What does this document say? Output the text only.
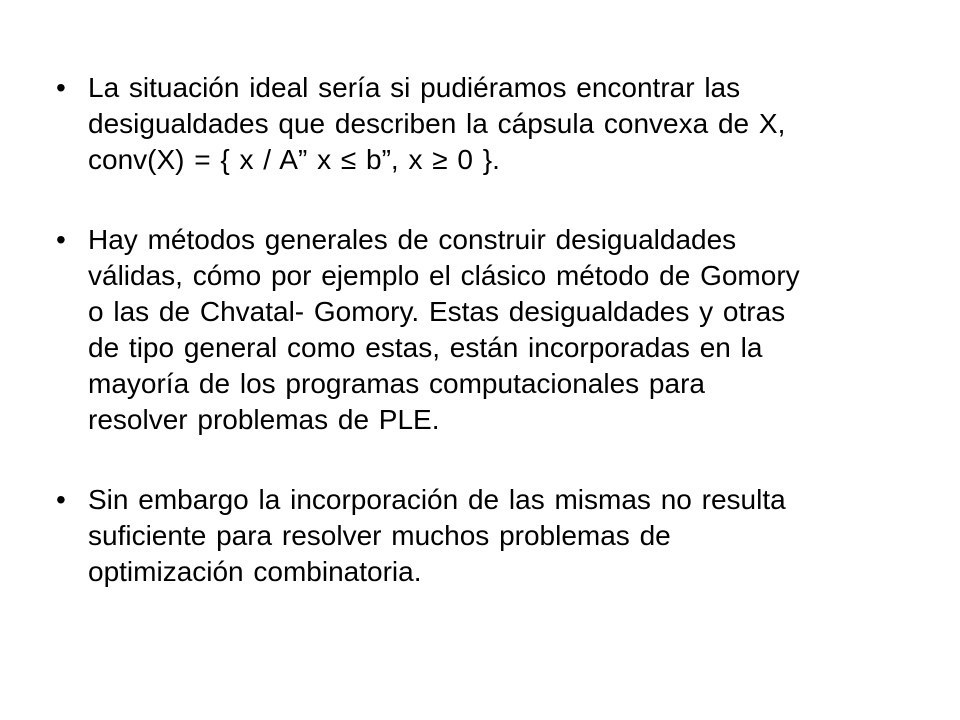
• La situación ideal sería si pudiéramos encontrar las
desigualdades que describen la cápsula convexa de X,
conv(X) = { x / A” x ≤ b”, x ≥ 0 }.
• Hay métodos generales de construir desigualdades
válidas, cómo por ejemplo el clásico método de Gomory
o las de Chvatal- Gomory. Estas desigualdades y otras
de tipo general como estas, están incorporadas en la
mayoría de los programas computacionales para
resolver problemas de PLE.
• Sin embargo la incorporación de las mismas no resulta
suficiente para resolver muchos problemas de
optimización combinatoria.
